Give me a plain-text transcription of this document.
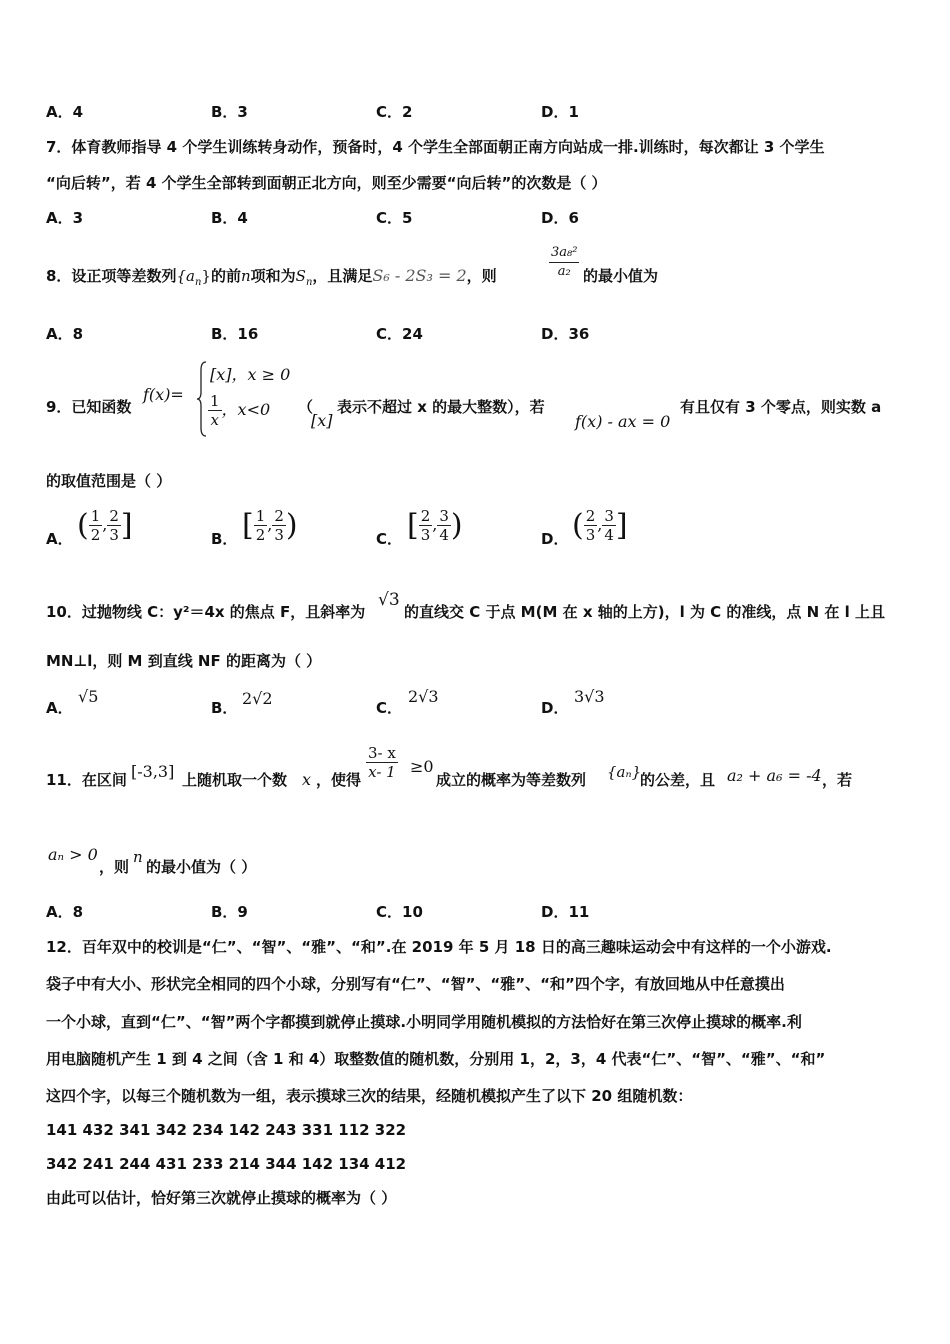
A．4	B．3	C．2	D．1
7．体育教师指导 4 个学生训练转身动作，预备时，4 个学生全部面朝正南方向站成一排.训练时，每次都让 3 个学生
“向后转”，若 4 个学生全部转到面朝正北方向，则至少需要“向后转”的次数是（ ）
A．3	B．4	C．5	D．6
8．设正项等差数列$\{a_n\}$的前n项和为$S_n$，且满足S₆ - 2S₃ = 2，则	$\frac{\text{3a₈²}}{\text{a₂}}$ 的最小值为
A．8	B．16	C．24	D．36
9．已知函数
f(x)=
[x]，x ≥ 0
$\frac{1}{x}$ ，x<0 （
[x]
表示不超过 x 的最大整数），若
f(x) - ax = 0
有且仅有 3 个零点，则实数 a
的取值范围是（ ）
A． ( $\frac{1}{2}$ , $\frac{2}{3}$ ]	B． [ $\frac{1}{2}$ , $\frac{2}{3}$ )	C． [ $\frac{2}{3}$ , $\frac{3}{4}$ )	D． ( $\frac{2}{3}$ , $\frac{3}{4}$ ]
10．过抛物线 C：y²＝4x 的焦点 F，且斜率为
√3
的直线交 C 于点 M(M 在 x 轴的上方)，l 为 C 的准线，点 N 在 l 上且
MN⊥l，则 M 到直线 NF 的距离为（ ）
A．
√5
B． 2√2	C．
2√3
D．
3√3
11．在区间 [-3,3] 上随机取一个数 x ，使得 $\frac{3- x}{x- 1} \ge 0$
成立的概率为等差数列 {aₙ}
的公差，且 a₂ + a₆ = -4 ，若
aₙ > 0
，则
n
的最小值为（ ）
A．8	B．9	C．10	D．11
12．百年双中的校训是“仁”、“智”、“雅”、“和”.在 2019 年 5 月 18 日的高三趣味运动会中有这样的一个小游戏.
袋子中有大小、形状完全相同的四个小球，分别写有“仁”、“智”、“雅”、“和”四个字，有放回地从中任意摸出
一个小球，直到“仁”、“智”两个字都摸到就停止摸球.小明同学用随机模拟的方法恰好在第三次停止摸球的概率.利
用电脑随机产生 1 到 4 之间（含 1 和 4）取整数值的随机数，分别用 1，2，3，4 代表“仁”、“智”、“雅”、“和”
这四个字，以每三个随机数为一组，表示摸球三次的结果，经随机模拟产生了以下 20 组随机数：
141 432 341 342 234 142 243 331 112 322
342 241 244 431 233 214 344 142 134 412
由此可以估计，恰好第三次就停止摸球的概率为（ ）
